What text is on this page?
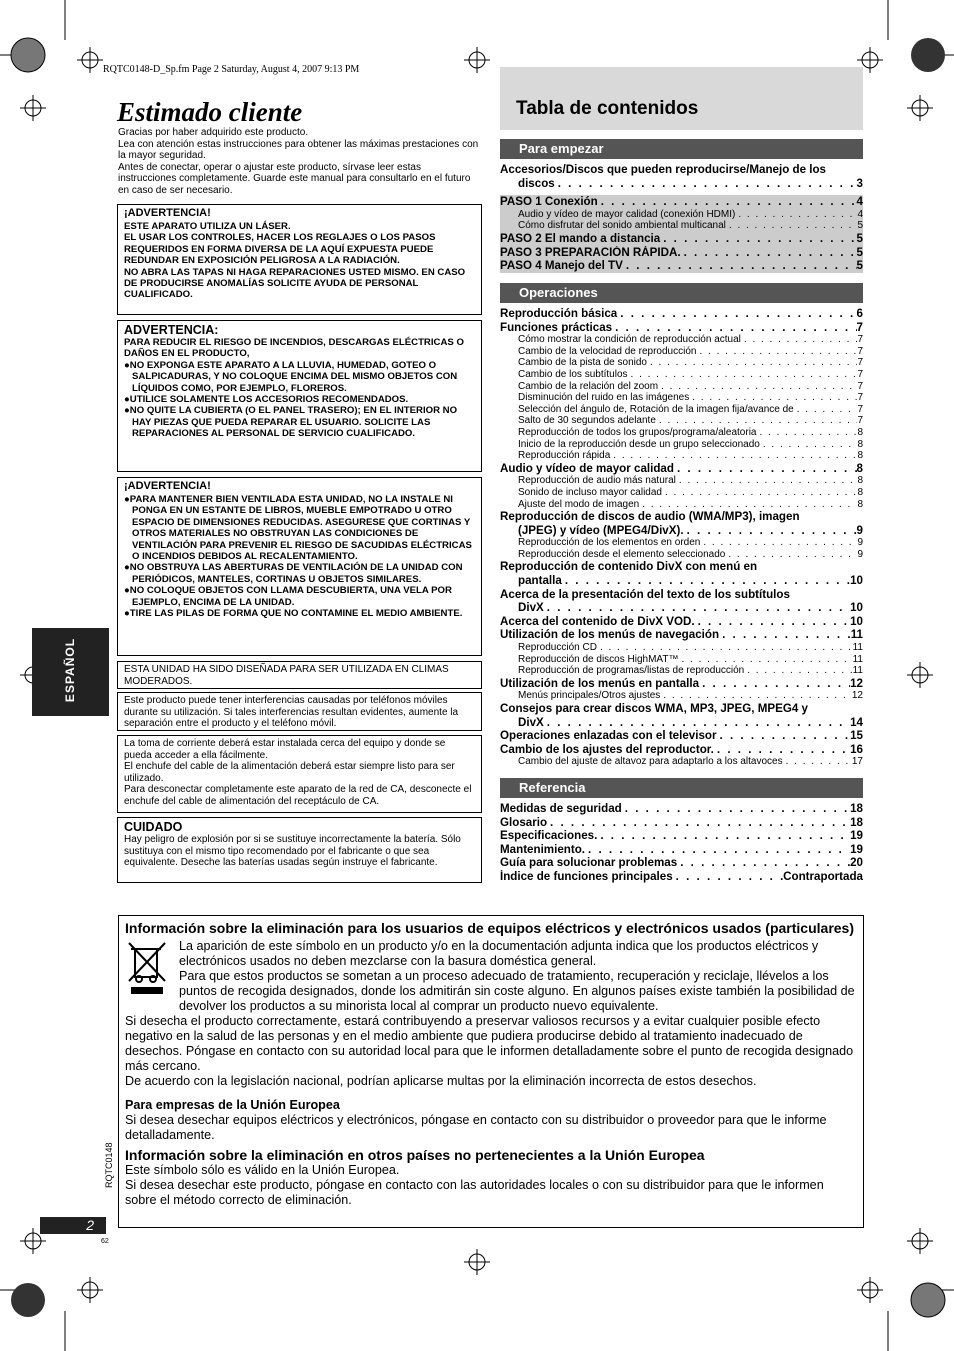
RQTC0148-D_Sp.fm Page 2 Saturday, August 4, 2007 9:13 PM
Estimado cliente
Gracias por haber adquirido este producto.
Lea con atención estas instrucciones para obtener las máximas prestaciones con la mayor seguridad.
Antes de conectar, operar o ajustar este producto, sírvase leer estas instrucciones completamente. Guarde este manual para consultarlo en el futuro en caso de ser necesario.
¡ADVERTENCIA!
ESTE APARATO UTILIZA UN LÁSER.
EL USAR LOS CONTROLES, HACER LOS REGLAJES O LOS PASOS REQUERIDOS EN FORMA DIVERSA DE LA AQUÍ EXPUESTA PUEDE REDUNDAR EN EXPOSICIÓN PELIGROSA A LA RADIACIÓN.
NO ABRA LAS TAPAS NI HAGA REPARACIONES USTED MISMO. EN CASO DE PRODUCIRSE ANOMALÍAS SOLICITE AYUDA DE PERSONAL CUALIFICADO.
ADVERTENCIA:
PARA REDUCIR EL RIESGO DE INCENDIOS, DESCARGAS ELÉCTRICAS O DAÑOS EN EL PRODUCTO,
●NO EXPONGA ESTE APARATO A LA LLUVIA, HUMEDAD, GOTEO O SALPICADURAS, Y NO COLOQUE ENCIMA DEL MISMO OBJETOS CON LÍQUIDOS COMO, POR EJEMPLO, FLOREROS.
●UTILICE SOLAMENTE LOS ACCESORIOS RECOMENDADOS.
●NO QUITE LA CUBIERTA (O EL PANEL TRASERO); EN EL INTERIOR NO HAY PIEZAS QUE PUEDA REPARAR EL USUARIO. SOLICITE LAS REPARACIONES AL PERSONAL DE SERVICIO CUALIFICADO.
¡ADVERTENCIA!
●PARA MANTENER BIEN VENTILADA ESTA UNIDAD, NO LA INSTALE NI PONGA EN UN ESTANTE DE LIBROS, MUEBLE EMPOTRADO U OTRO ESPACIO DE DIMENSIONES REDUCIDAS. ASEGURESE QUE CORTINAS Y OTROS MATERIALES NO OBSTRUYAN LAS CONDICIONES DE VENTILACIÓN PARA PREVENIR EL RIESGO DE SACUDIDAS ELÉCTRICAS O INCENDIOS DEBIDOS AL RECALENTAMIENTO.
●NO OBSTRUYA LAS ABERTURAS DE VENTILACIÓN DE LA UNIDAD CON PERIÓDICOS, MANTELES, CORTINAS U OBJETOS SIMILARES.
●NO COLOQUE OBJETOS CON LLAMA DESCUBIERTA, UNA VELA POR EJEMPLO, ENCIMA DE LA UNIDAD.
●TIRE LAS PILAS DE FORMA QUE NO CONTAMINE EL MEDIO AMBIENTE.
ESTA UNIDAD HA SIDO DISEÑADA PARA SER UTILIZADA EN CLIMAS MODERADOS.
Este producto puede tener interferencias causadas por teléfonos móviles durante su utilización. Si tales interferencias resultan evidentes, aumente la separación entre el producto y el teléfono móvil.
La toma de corriente deberá estar instalada cerca del equipo y donde se pueda acceder a ella fácilmente.
El enchufe del cable de la alimentación deberá estar siempre listo para ser utilizado.
Para desconectar completamente este aparato de la red de CA, desconecte el enchufe del cable de alimentación del receptáculo de CA.
CUIDADO
Hay peligro de explosión por si se sustituye incorrectamente la batería. Sólo sustituya con el mismo tipo recomendado por el fabricante o que sea equivalente. Deseche las baterías usadas según instruye el fabricante.
ESPAÑOL
Tabla de contenidos
Para empezar
Accesorios/Discos que pueden reproducirse/Manejo de los
discos . . .	3
PASO 1 Conexión . . .	4
Audio y vídeo de mayor calidad (conexión HDMI) . . .	4
Cómo disfrutar del sonido ambiental multicanal . . .	5
PASO 2 El mando a distancia . . .	5
PASO 3 PREPARACIÓN RÁPIDA. . . .	5
PASO 4 Manejo del TV . . .	5
Operaciones
Reproducción básica . . .	6
Funciones prácticas . . .	7
Cómo mostrar la condición de reproducción actual . . .	7
Cambio de la velocidad de reproducción . . .	7
Cambio de la pista de sonido . . .	7
Cambio de los subtítulos . . .	7
Cambio de la relación del zoom . . .	7
Disminución del ruido en las imágenes . . .	7
Selección del ángulo de, Rotación de la imagen fija/avance de . . .	7
Salto de 30 segundos adelante . . .	7
Reproducción de todos los grupos/programa/aleatoria . . .	8
Inicio de la reproducción desde un grupo seleccionado . . .	8
Reproducción rápida . . .	8
Audio y vídeo de mayor calidad . . .	8
Reproducción de audio más natural . . .	8
Sonido de incluso mayor calidad . . .	8
Ajuste del modo de imagen . . .	8
Reproducción de discos de audio (WMA/MP3), imagen
(JPEG) y vídeo (MPEG4/DivX). . . .	9
Reproducción de los elementos en orden . . .	9
Reproducción desde el elemento seleccionado . . .	9
Reproducción de contenido DivX con menú en
pantalla . . .	10
Acerca de la presentación del texto de los subtítulos
DivX . . .	10
Acerca del contenido de DivX VOD. . . .	10
Utilización de los menús de navegación . . .	11
Reproducción CD . . .	11
Reproducción de discos HighMAT™ . . .	11
Reproducción de programas/listas de reproducción . . .	11
Utilización de los menús en pantalla . . .	12
Menús principales/Otros ajustes . . .	12
Consejos para crear discos WMA, MP3, JPEG, MPEG4 y
DivX . . .	14
Operaciones enlazadas con el televisor . . .	15
Cambio de los ajustes del reproductor. . . .	16
Cambio del ajuste de altavoz para adaptarlo a los altavoces . . .	17
Referencia
Medidas de seguridad . . .	18
Glosario . . .	18
Especificaciones. . . .	19
Mantenimiento. . . .	19
Guía para solucionar problemas . . .	20
Índice de funciones principales . . .	Contraportada
Información sobre la eliminación para los usuarios de equipos eléctricos y electrónicos usados (particulares)
La aparición de este símbolo en un producto y/o en la documentación adjunta indica que los productos eléctricos y electrónicos usados no deben mezclarse con la basura doméstica general.
Para que estos productos se sometan a un proceso adecuado de tratamiento, recuperación y reciclaje, llévelos a los puntos de recogida designados, donde los admitirán sin coste alguno. En algunos países existe también la posibilidad de devolver los productos a su minorista local al comprar un producto nuevo equivalente.
Si desecha el producto correctamente, estará contribuyendo a preservar valiosos recursos y a evitar cualquier posible efecto negativo en la salud de las personas y en el medio ambiente que pudiera producirse debido al tratamiento inadecuado de desechos. Póngase en contacto con su autoridad local para que le informen detalladamente sobre el punto de recogida designado más cercano.
De acuerdo con la legislación nacional, podrían aplicarse multas por la eliminación incorrecta de estos desechos.
Para empresas de la Unión Europea
Si desea desechar equipos eléctricos y electrónicos, póngase en contacto con su distribuidor o proveedor para que le informe detalladamente.
Información sobre la eliminación en otros países no pertenecientes a la Unión Europea
Este símbolo sólo es válido en la Unión Europea.
Si desea desechar este producto, póngase en contacto con las autoridades locales o con su distribuidor para que le informen sobre el método correcto de eliminación.
RQTC0148
2
62
